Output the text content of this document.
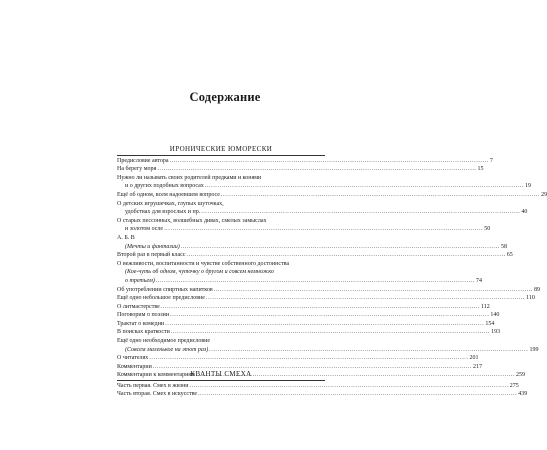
Содержание
ИРОНИЧЕСКИЕ ЮМОРЕСКИ
Предисловие автора .....	7
На берегу моря .....	15
Нужно ли называть своих родителей предками и конями
и о других подобных вопросах .....	19
Ещё об одном, всем надоевшем вопросе .....	29
О детских игрушечках, глупых шуточках,
удобствах для взрослых и пр. .....	40
О старых пессонных, волшебных дивах, смелых замыслах
и золотом осле .....	50
А. Б. В
(Мечты и фантазии) .....	58
Второй раз в первый класс .....	65
О вежливости, воспитанности и чувстве собственного достоинства
(Кое-чуть об одном, чуточку о другом и совсем немножко
о третьем) .....	74
Об употреблении спиртных напитков .....	89
Ещё одно небольшое предисловие .....	110
О литмастерстве .....	112
Поговорим о поэзии .....	140
Трактат о комедии .....	154
В поисках краткости .....	193
Ещё одно необходимое предисловие
(Совсем маленькое на этот раз) .....	199
О читателях .....	201
Комментарии .....	217
Комментарии к комментариям .....	259
КВАНТЫ СМЕХА
Часть первая. Смех в жизни .....	275
Часть вторая. Смех в искусстве .....	439
